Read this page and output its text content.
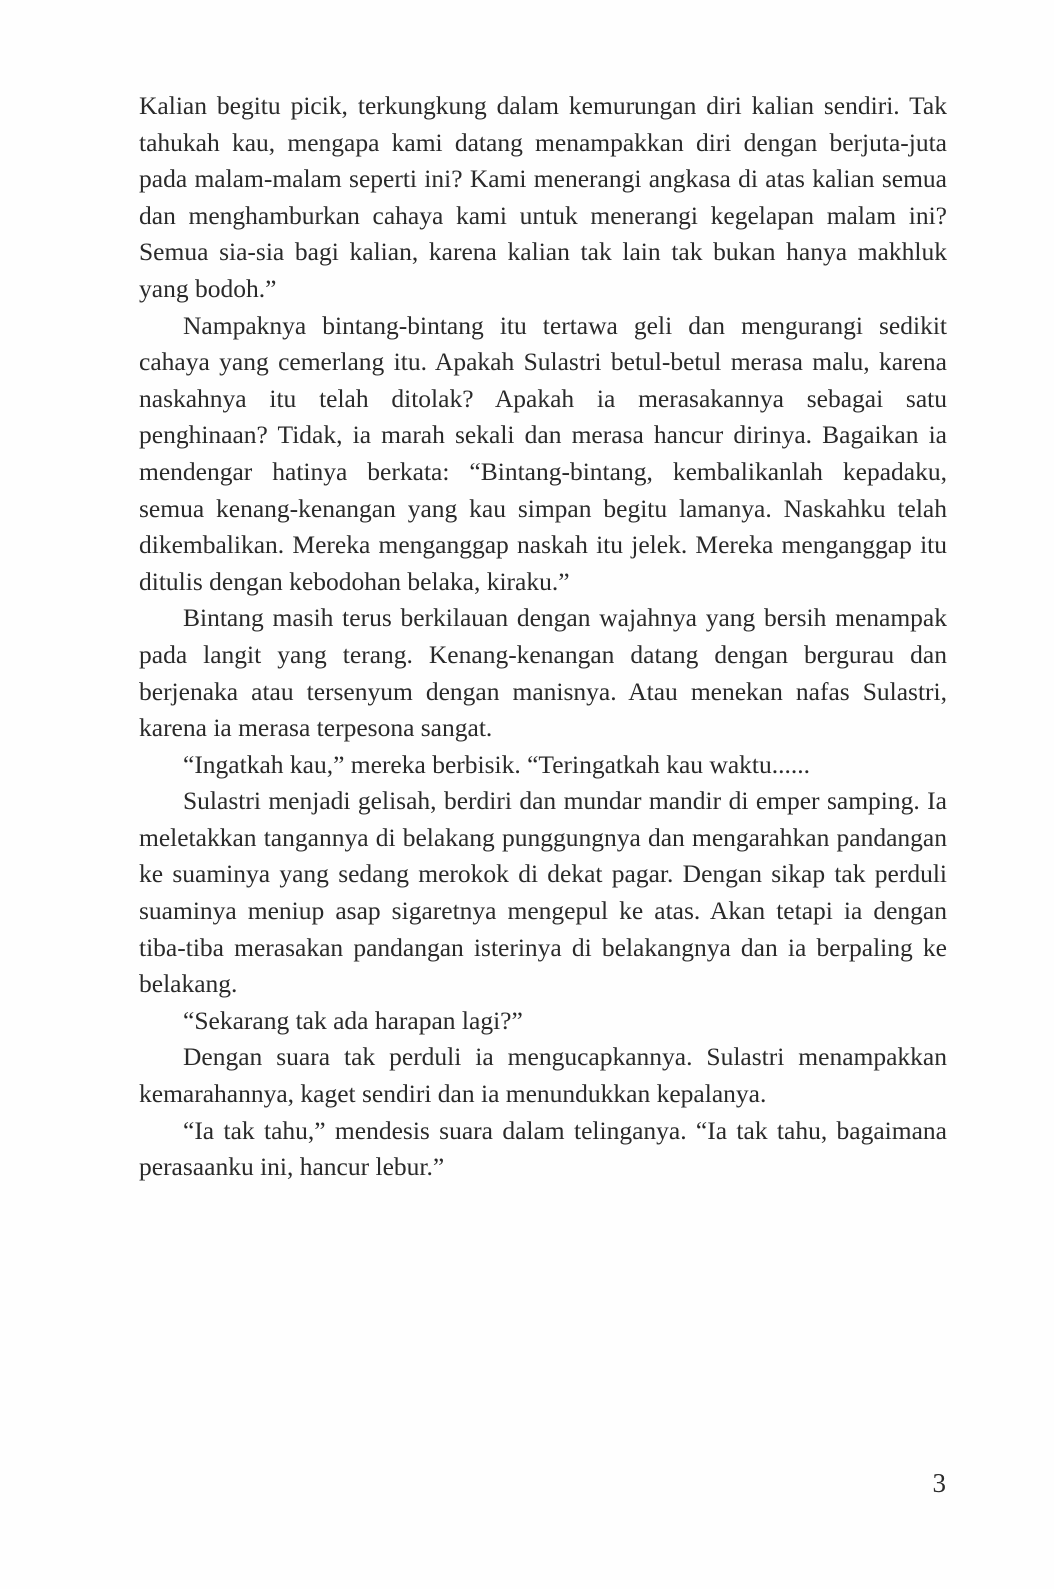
Kalian begitu picik, terkungkung dalam kemurungan diri kalian sendiri. Tak tahukah kau, mengapa kami datang menampakkan diri dengan berjuta-juta pada malam-malam seperti ini? Kami menerangi angkasa di atas kalian semua dan menghamburkan cahaya kami untuk menerangi kegelapan malam ini? Semua sia-sia bagi kalian, karena kalian tak lain tak bukan hanya makhluk yang bodoh.”

Nampaknya bintang-bintang itu tertawa geli dan mengurangi sedikit cahaya yang cemerlang itu. Apakah Sulastri betul-betul merasa malu, karena naskahnya itu telah ditolak? Apakah ia merasakannya sebagai satu penghinaan? Tidak, ia marah sekali dan merasa hancur dirinya. Bagaikan ia mendengar hatinya berkata: “Bintang-bintang, kembalikanlah kepadaku, semua kenang-kenangan yang kau simpan begitu lamanya. Naskahku telah dikembalikan. Mereka menganggap naskah itu jelek. Mereka menganggap itu ditulis dengan kebodohan belaka, kiraku.”

Bintang masih terus berkilauan dengan wajahnya yang bersih menampak pada langit yang terang. Kenang-kenangan datang dengan bergurau dan berjenaka atau tersenyum dengan manisnya. Atau menekan nafas Sulastri, karena ia merasa terpesona sangat.

“Ingatkah kau,” mereka berbisik. “Teringatkah kau waktu......

Sulastri menjadi gelisah, berdiri dan mundar mandir di emper samping. Ia meletakkan tangannya di belakang punggungnya dan mengarahkan pandangan ke suaminya yang sedang merokok di dekat pagar. Dengan sikap tak perduli suaminya meniup asap sigaretnya mengepul ke atas. Akan tetapi ia dengan tiba-tiba merasakan pandangan isterinya di belakangnya dan ia berpaling ke belakang.

“Sekarang tak ada harapan lagi?”

Dengan suara tak perduli ia mengucapkannya. Sulastri menampakkan kemarahannya, kaget sendiri dan ia menundukkan kepalanya.

“Ia tak tahu,” mendesis suara dalam telinganya. “Ia tak tahu, bagaimana perasaanku ini, hancur lebur.”

3
